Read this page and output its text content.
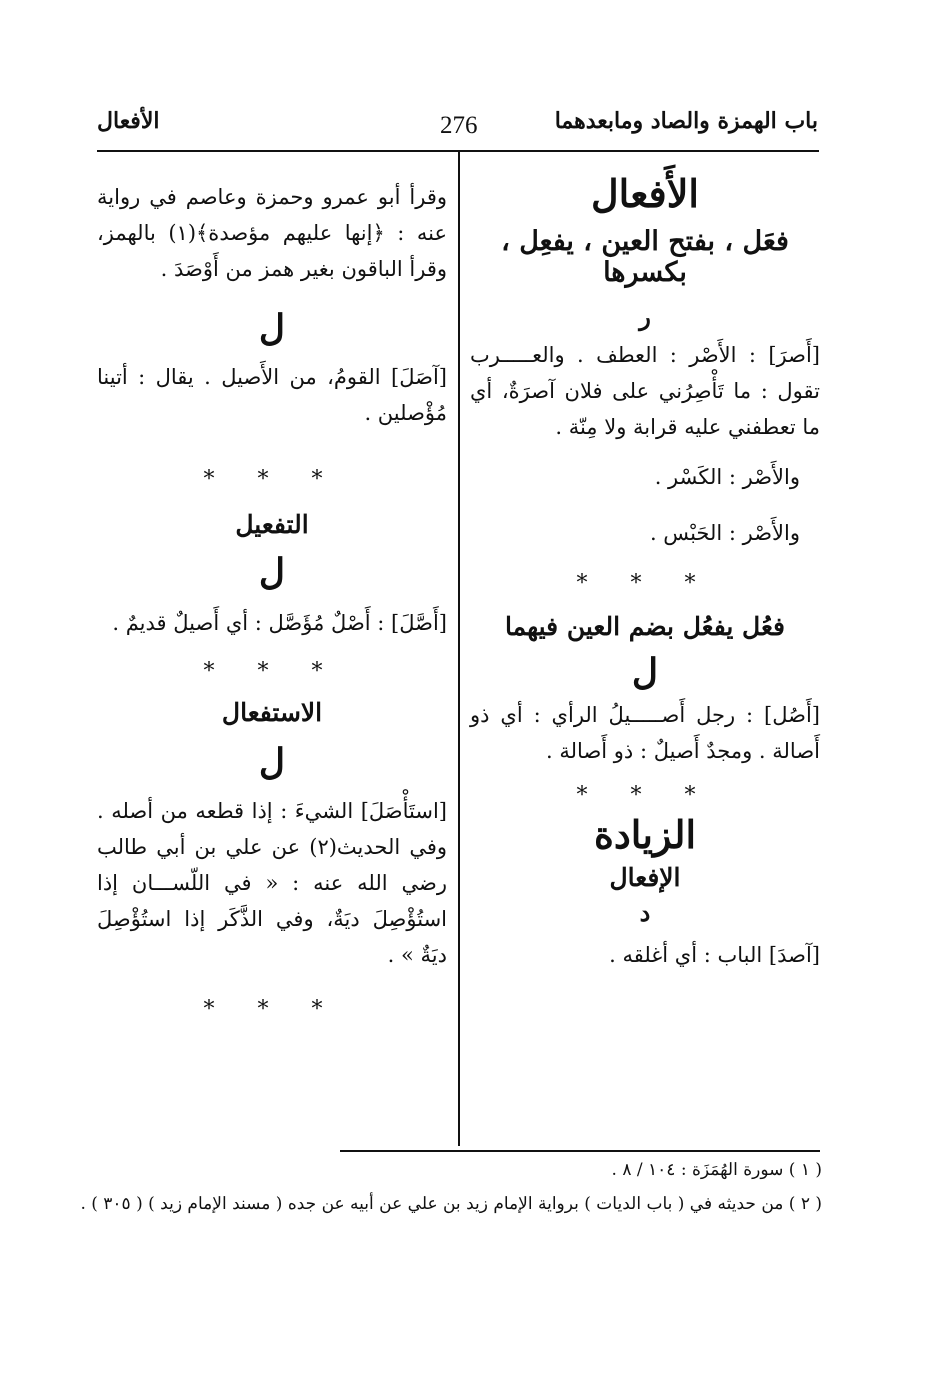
باب الهمزة والصاد ومابعدهما
276
الأفعال

الأَفعال

فعَل ، بفتح العين ، يفعِل ، بكسرها

ر

[أَصرَ] : الأَصْر : العطف . والعـــــرب تقول : ما تَأْصِرُني على فلان آصرَةٌ، أي ما تعطفني عليه قرابة ولا مِنّة .

والأَصْر : الكَسْر .

والأَصْر : الحَبْس .

* * *

فعُل يفعُل بضم العين فيهما

ل

[أَصُل] : رجل أَصـــــيلُ الرأي : أي ذو أَصالة . ومجدٌ أَصيلٌ : ذو أَصالة .

* * *

الزيادة

الإفعال

د

[آصدَ] الباب : أي أغلقه .

وقرأ أبو عمرو وحمزة وعاصم في رواية عنه : ﴿إنها عليهم مؤصدة﴾(١) بالهمز، وقرأ الباقون بغير همز من أَوْصَدَ .

ل

[آصَلَ] القومُ، من الأَصيل . يقال : أتينا مُؤْصلين .

* * *

التفعيل

ل

[أَصَّلَ] : أَصْلٌ مُؤَصَّل : أي أَصيلٌ قديمٌ .

* * *

الاستفعال

ل

[استَأْصَلَ] الشيءَ : إذا قطعه من أصله . وفي الحديث(٢) عن علي بن أبي طالب رضي الله عنه : « في اللّســـان إذا استُؤْصِلَ ديَةٌ، وفي الذَّكَر إذا استُؤْصِلَ ديَةٌ » .

* * *

( ١ ) سورة الهُمَزَة : ١٠٤ / ٨ .
( ٢ ) من حديثه في ( باب الديات ) برواية الإمام زيد بن علي عن أبيه عن جده ( مسند الإمام زيد ) ( ٣٠٥ ) .
